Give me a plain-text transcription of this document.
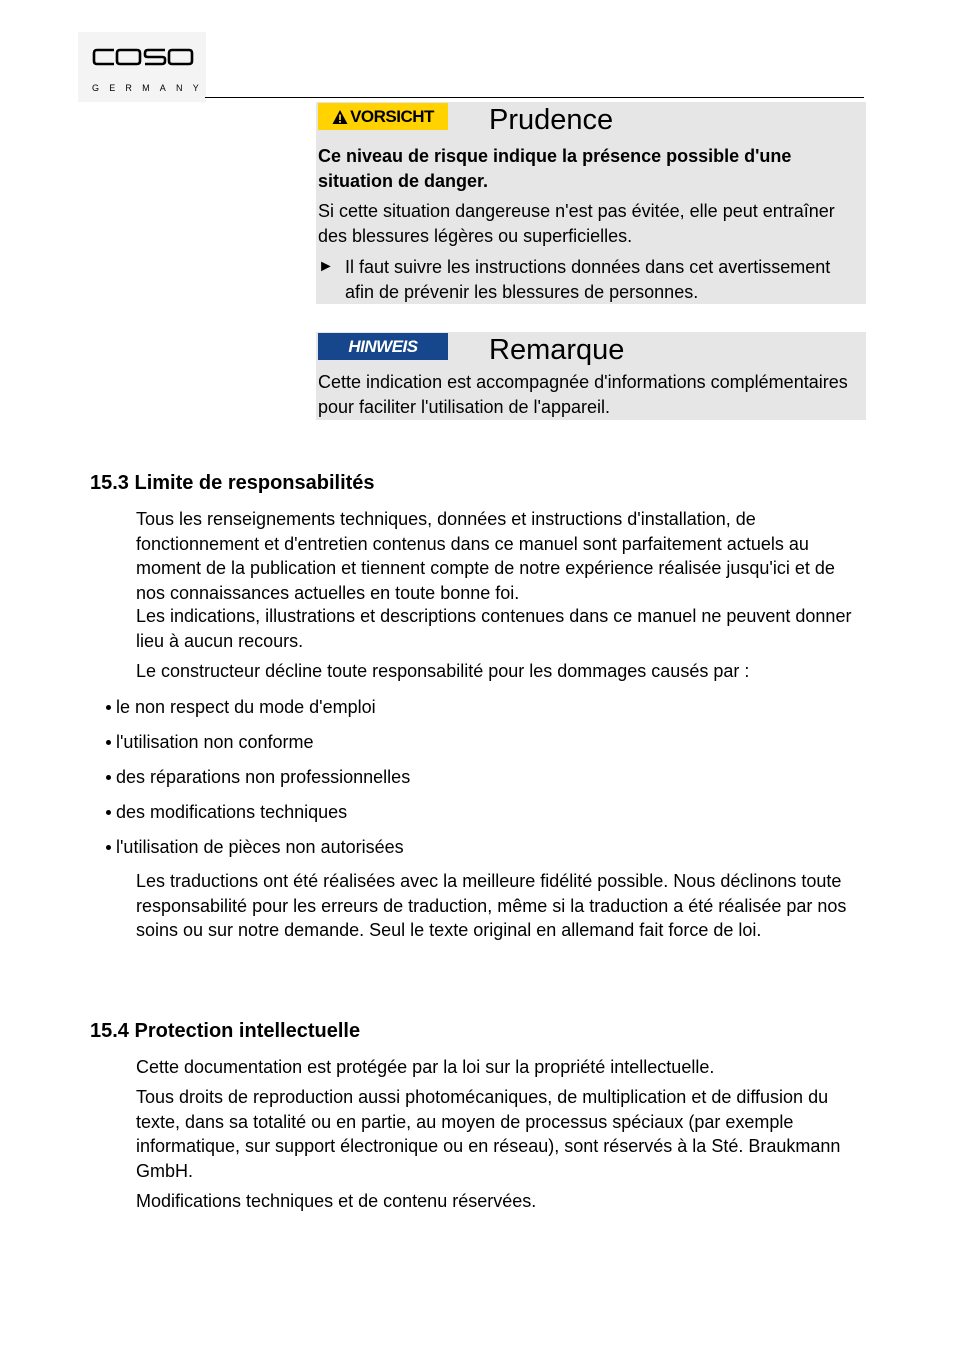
GERMANY
VORSICHT Prudence
Ce niveau de risque indique la présence possible d'une situation de danger.
Si cette situation dangereuse n'est pas évitée, elle peut entraîner des blessures légères ou superficielles.
► Il faut suivre les instructions données dans cet avertissement afin de prévenir les blessures de personnes.
HINWEIS Remarque
Cette indication est accompagnée d'informations complémentaires pour faciliter l'utilisation de l'appareil.
15.3 Limite de responsabilités
Tous les renseignements techniques, données et instructions d'installation, de fonctionnement et d'entretien contenus dans ce manuel sont parfaitement actuels au moment de la publication et tiennent compte de notre expérience réalisée jusqu'ici et de nos connaissances actuelles en toute bonne foi.
Les indications, illustrations et descriptions contenues dans ce manuel ne peuvent donner lieu à aucun recours.
Le constructeur décline toute responsabilité pour les dommages causés par :
le non respect du mode d'emploi
l'utilisation non conforme
des réparations non professionnelles
des modifications techniques
l'utilisation de pièces non autorisées
Les traductions ont été réalisées avec la meilleure fidélité possible. Nous déclinons toute responsabilité pour les erreurs de traduction, même si la traduction a été réalisée par nos soins ou sur notre demande. Seul le texte original en allemand fait force de loi.
15.4 Protection intellectuelle
Cette documentation est protégée par la loi sur la propriété intellectuelle.
Tous droits de reproduction aussi photomécaniques, de multiplication et de diffusion du texte, dans sa totalité ou en partie, au moyen de processus spéciaux (par exemple informatique, sur support électronique ou en réseau), sont réservés à la Sté. Braukmann GmbH.
Modifications techniques et de contenu réservées.
